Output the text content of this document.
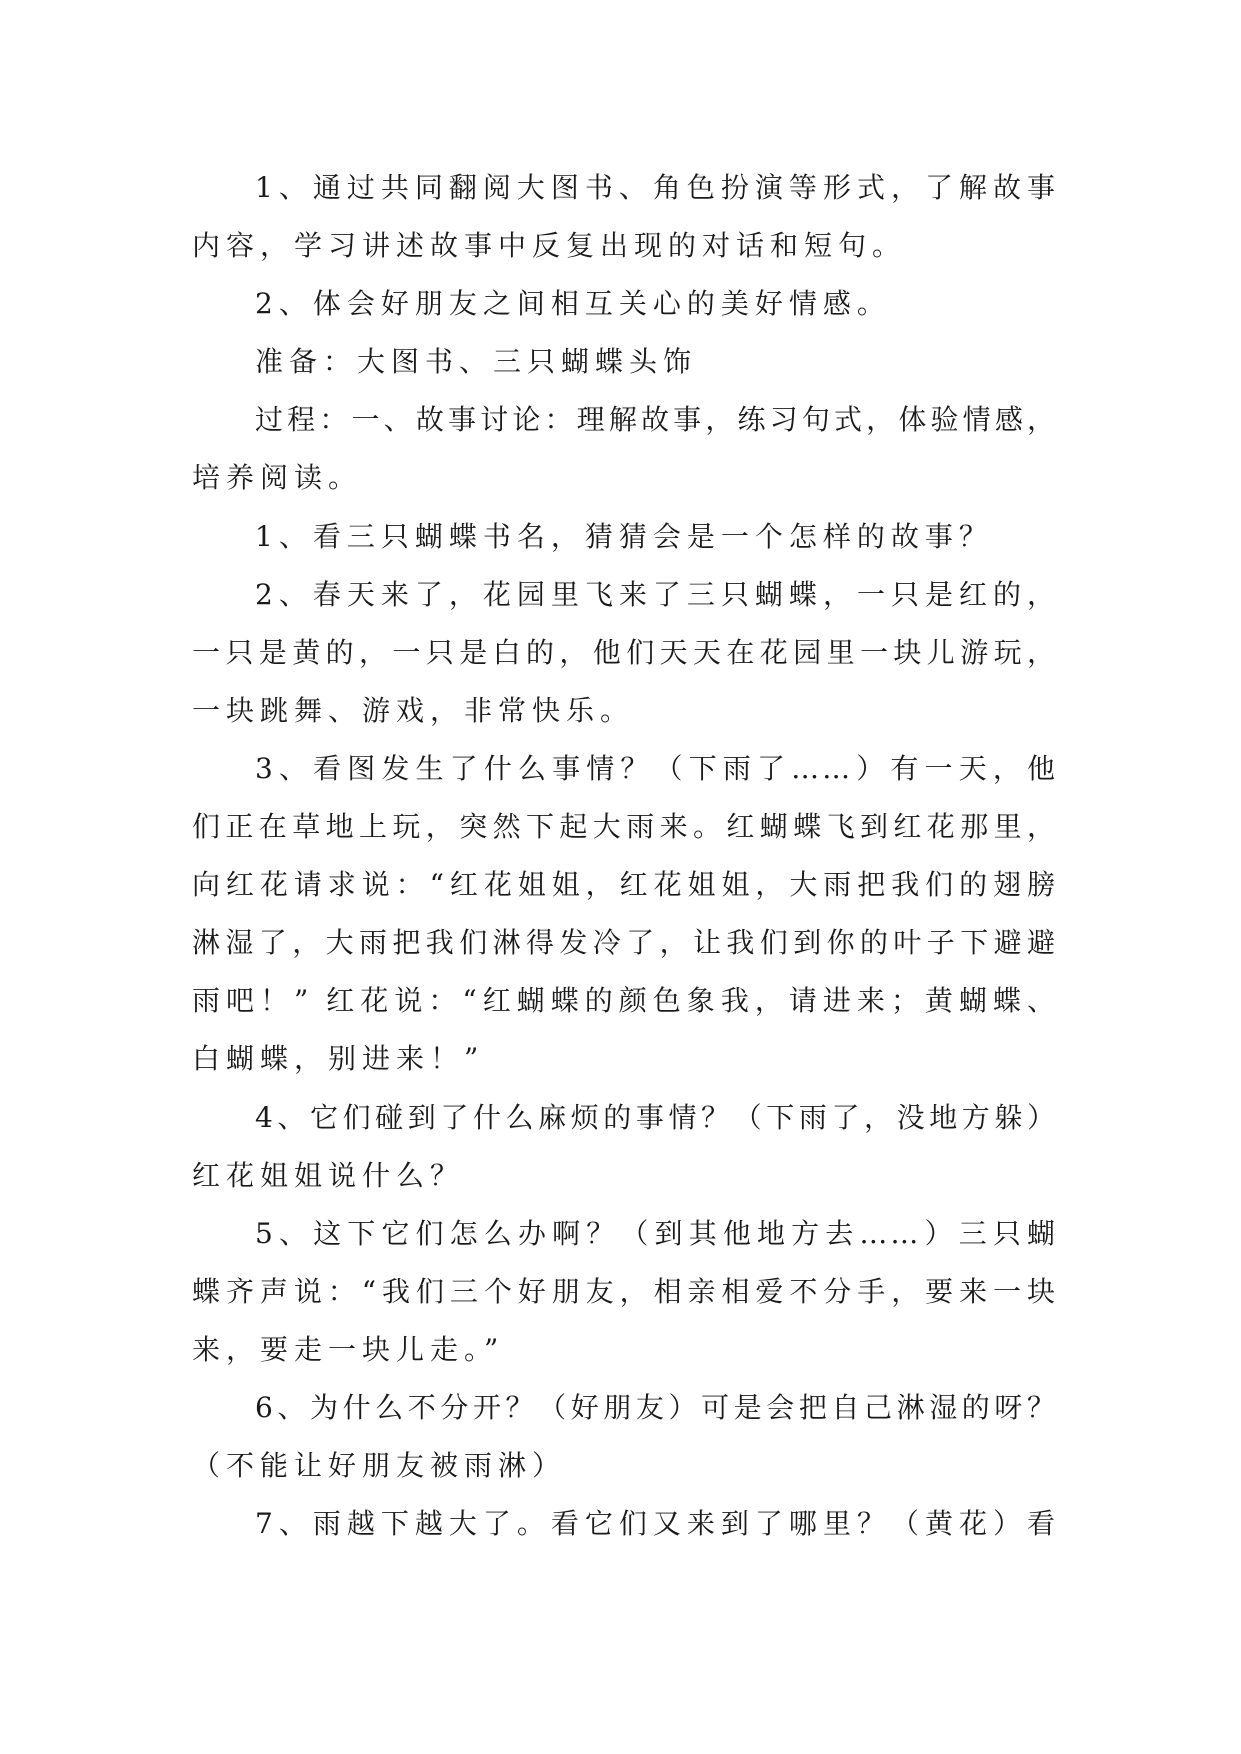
1、通过共同翻阅大图书、角色扮演等形式，了解故事
内容，学习讲述故事中反复出现的对话和短句。
2、体会好朋友之间相互关心的美好情感。
准备：大图书、三只蝴蝶头饰
过程：一、故事讨论：理解故事，练习句式，体验情感，
培养阅读。
1、看三只蝴蝶书名，猜猜会是一个怎样的故事？
2、春天来了，花园里飞来了三只蝴蝶，一只是红的，
一只是黄的，一只是白的，他们天天在花园里一块儿游玩，
一块跳舞、游戏，非常快乐。
3、看图发生了什么事情？（下雨了……）有一天，他
们正在草地上玩，突然下起大雨来。红蝴蝶飞到红花那里，
向红花请求说：“红花姐姐，红花姐姐，大雨把我们的翅膀
淋湿了，大雨把我们淋得发冷了，让我们到你的叶子下避避
雨吧！” 红花说：“红蝴蝶的颜色象我，请进来；黄蝴蝶、
白蝴蝶，别进来！”
4、它们碰到了什么麻烦的事情？（下雨了，没地方躲）
红花姐姐说什么？
5、这下它们怎么办啊？（到其他地方去……）三只蝴
蝶齐声说：“我们三个好朋友，相亲相爱不分手，要来一块
来，要走一块儿走。”
6、为什么不分开？（好朋友）可是会把自己淋湿的呀？
（不能让好朋友被雨淋）
7、雨越下越大了。看它们又来到了哪里？（黄花）看
